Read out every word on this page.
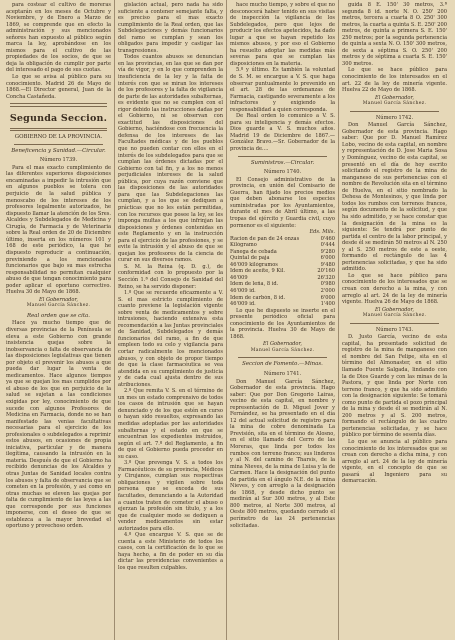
para costear el cultivo de moreras aceptarán en los meses de Octubre y Noviembre, y de Enero a Marzo de 1869, se comprende que en efecto la administración y sus mencionados señores han expuesto al público según marca la ley, aprobándose en los mismos para el cultivo de las propiedades de los socios, de que se deja la obligación de cumplir por parte del interesado el pago de sus cuotas.

Lo que se avisa al público para su conocimiento. Madrid 26 de Mayo de 1868.—El Director general, Juan de la Concha Castañeda.

Segunda Seccion.

GOBIERNO DE LA PROVINCIA.

Beneficencia y Sanidad.—Circular.

Número 1739.

Para el mas exacto cumplimiento de las diferentes superiores disposiciones encaminadas a impedir la intrusión que en algunos pueblos se tolera con perjuicio de la salud pública y menoscabo de los intereses de los profesores legalmente autorizados, he dispuesto llamar la atención de los Sres. Alcaldes y Subdelegados de Medicina y Cirugía, de Farmacia y de Veterinaria sobre la Real orden de 20 de Diciembre último, inserta en los números 101 y 168 de este periódico, la que he dispuesto reproducir a continuación, previniendo a los mencionados funcionarios que bajo su mas estrecha responsabilidad no permitan cualquier abuso de que tengan conocimiento para poder aplicar el oportuno correctivo. Huelva 30 de Mayo de 1868.

El Gobernador,

Manuel García Sánchez.

Real orden que se cita.

Hace ya mucho tiempo que de diversas provincias de la Península se eleva a este Gobierno con grande insistencia quejas sobre la inobservancia o falta de observancia de las disposiciones legislativas que tienen por objeto el prevenir los abusos a que pueda dar lugar la venta de medicamentos. Hace algunos tiempos ya que se quejan los mas cumplidos por el abuso de los que en perjuicio de la salud se sujetan a las condiciones exigidas por ley, conocimiento de que sucede con algunos Profesores de Medicina en Farmacia, donde no se han manifestado las venias facultativas necesarias para el ejercicio de los profesionales o subdelegados a reprimir estos abusos, en ocasiones de propia iniciativa, particular y de manera ilegítima, causando la intrusión en la materia. Después de que el Gobierno ha recibido denuncias de los Alcaldes y otras Juntas de Sanidad locales contra los abusos y falta de observancia que se cometen en la profesión, y así como en otras muchas se eleven las quejas por falta de cumplimiento de las leyes a las que corresponde por sus funciones imponerse, con el deseo de que se establezca a la mayor brevedad el oportuno y provechoso orden.

gislación actual, pero nada ha sido suficiente a contener semejante falta, y es preciso para el mas exacto cumplimiento de la Real orden, que las Subdelegaciones y demás funcionarios del ramo se cumplan y sean los obligados para impedir y castigar las transgresiones.

Todos cuantos abusos se denuncian en las provincias, en las que se dan por vía de vigor, y en lo que comprenden la insuficiencia de la ley y la falta de interés con que se miran los intereses de los profesores y la falta de vigilancia de parte de las autoridades subalternas, es evidente que no se cumplen con el rigor debido las instrucciones dadas por el Gobierno, ni se observan con exactitud las disposiciones del Gobierno, haciéndose con frecuencia la defensa de los intereses de las Facultades médicas y de los pueblos que no pueden contar con ellos en el interés de los subdelegados para que se cumplan las órdenes dictadas por el Gobierno con tal fin, y a los no menos perjudiciales intereses de la salud pública, por cuya razón conviene que las disposiciones de las autoridades para que las Subdelegaciones las cumplan, y a los que se dediquen a prácticas que no les están permitidas, con los recursos que posee la ley, se les imponga multas a los que infrinjan las disposiciones y órdenes contenidas en este Reglamento y en la instrucción para el ejercicio de las profesiones, y se evite la intrusión y el abuso de que se quejan los profesores de la ciencia de curar en sus diversos ramos.

S. M. la Reina (q. D. g.), de conformidad con lo propuesto por la Sección 1.ª del Consejo de Sanidad del Reino, se ha servido disponer:

1.º Que se recuerde eficazmente a V. S. el mas estricto cumplimiento de cuanto previene la legislación vigente sobre venta de medicamentos y sobre intrusiones, haciendo extensiva esta recomendación a las Juntas provinciales de Sanidad, Subdelegados y demás funcionarios del ramo, a fin de que empleen todo su celo y vigilancia para cortar radicalmente los mencionados abusos, y con objeto de propor tiempo de que la clase farmacéutica se vea atendida en su cumplimiento de justicia y de cada cual ajusta dentro de sus atribuciones.

2.º Que remita V. S. en el término de un mes un estado comprensivo de todos los casos de intrusión que se hayan denunciado y de los que estén en curso o hayan sido resueltos, expresando las medidas adoptadas por las autoridades subalternas y el estado en que se encuentran los expedientes instruidos, según el art. 7.º del Reglamento, a fin de que el Gobierno pueda proceder en su caso.

3.º Que prevenga V. S. a todos los Farmacéuticos de su provincia, Médicos y Cirujanos, cumplan sus respectivas obligaciones y vigilen sobre toda persona que se exceda de sus facultades, denunciando a la Autoridad a cuantos traten de cometer el abuso o ejerzan la profesión sin título, y a los que de cualquier modo se dediquen a vender medicamentos sin estar autorizados para ello.

4.º Que encargue V. S. que se de cuenta a este Ministerio de todos los casos, con la certificación de lo que se haya hecho, a fin de poder en su día dictar las providencias convenientes a los que resulten culpables.

hace mucho tiempo, y sobre el que no desconocerá haber tenido en sus visitas de inspección la vigilancia de los Subdelegados, pero que lejos de producir los efectos apetecidos, ha dado lugar a que se hayan repetido los mismos abusos, y por eso el Gobierno ha resuelto adoptar las medidas más severas para que se cumplan las disposiciones en la materia.

5.º y último. Es también la voluntad de S. M. se encargue a V. S. que haga observar puntualmente lo prevenido en el art. 28 de las ordenanzas de Farmacia, castigando severamente a los infractores y exigiendo la responsabilidad a quien corresponda.

De Real orden lo comunico a V. S. para su inteligencia y demás efectos. Dios guarde a V. S. muchos años. Madrid 19 de Diciembre de 1867.—González Bravo.—Sr. Gobernador de la provincia de....

Suministros.—Circular.

Número 1740.

El Consejo administrativo de la provincia, en unión del Comisario de Guerra, han fijado los precios medios que deben abonarse los especies suministradas por los Ayuntamientos, durante el mes de Abril último, a las tropas del ejército y Guardia civil, cuyo pormenor es el siguiente:

Eds. Mils.

Racion de pan de 24 onzas	0'460

Kilógramo	0'444

Fanega de cebada	9'280

Quintal de paja	6'000

46'009 kilógramos	9'480

Idem de aceite, 9 Kil.	20'160

46'009	26'320

Idem de leña, 8 id.	0'980

46'009 id.	2'000

Idem de carbón, 8 id.	6'000

46'009 id.	1'400

Lo que he dispuesto se inserte en el presente periódico oficial para conocimiento de los Ayuntamientos de la provincia. Huelva 30 de Mayo de 1868.

El Gobernador,

Manuel García Sánchez.

Seccion de Fomento.—Minas.

Número 1741.

Don Manuel García Sánchez, Gobernador de esta provincia. Hago saber: Que por Don Gregorio Lairas, vecino de esta capital, en nombre y representación de D. Miguel Jover y Fernández, se ha presentado en el día 12 del actual solicitud de registro para la mina de cobre denominada La Previsión, sita en el término de Alosno, en el sitio llamado del Cerro de las Moreras, que linda por todos los rumbos con terreno franco; sus linderos y al N. del camino de Tharsis, de la mina Nieves, de la mina de Luisa y la de Carmen. Hace la designación del punto de partida en el ángulo N.E. de la mina Nieves, y con arreglo a la designación de 1868, y desde dicho punto se medirán al Sur 300 metros, y al Este 800 metros, al Norte 300 metros, al Oeste 800 metros, quedando cerrado el perímetro de las 24 pertenencias solicitadas.

guida 8 E. 150' 30 metros, 3.ª segunda 8 id. norte N. O. 250' 200 metros, tercera a cuarta 8 O. 250' 300 metros, la cuarta a quinta S. E. 250' 200 metros, de quinta a primera S. E. 150' 250 metros; por la segunda pertenencia de quinta a sexta N. O. 150' 300 metros, de sexta a séptima S. O. 250' 200 metros y de séptima a cuarta S. E. 150' 300 metros.

Lo que se hace público para conocimiento de los interesados en el art. 22 de la ley de minería vigente. Huelva 22 de Mayo de 1868.

El Gobernador,

Manuel García Sánchez.

Número 1742.

Don Manuel García Sánchez, Gobernador de esta provincia. Hago saber: Que por D. Manuel Ramírez Lobo, vecino de esta capital, en nombre y representación de D. Jose Maria Sosa y Domínguez, vecino de esta capital, se presentó en el día de hoy escrito solicitando el registro de la mina de manganeso de sus pertenencias con el nombre de Revolución sita en el término de Huelva, en el sitio nombrado la Dehesa de Montesinos, y que linda por todos los rumbos con terrenos francos, según documento de la solicitud, y que ha sido admitido, y se hace constar que la designación de la mina es la siguiente: Se tendrá por punto de partida el centro de la labor principal, y desde él se medirán 50 metros al N. 250 y al S. 250 metros de este a oeste, formando el rectángulo de las 4 pertenencias solicitadas, y que ha sido admitido.

Lo que se hace público para conocimiento de los interesados que se crean con derecho a la mina, y con arreglo al art. 24 de la ley de minería vigente. Huelva 26 de Mayo de 1868.

El Gobernador,

Manuel García Sánchez.

Número 1743.

D. Justo García, vecino de esta capital, ha presentado solicitud de registro de la mina de manganeso con el nombre del San Felipe, sita en el término del Almonaster, en el sitio llamado Fuente Salgada, lindando con la de Dios Guarde y con las minas de la Pastora, y que linda por Norte con terreno franco, y que ha sido admitido con la designación siguiente: Se tomará como punto de partida el pozo principal de la mina y desde él se medirán al N. 200 metros y al S. 200 metros, formando el rectángulo de las cuatro pertenencias solicitadas, y se hace público por término de sesenta días.

Lo que se anuncia al público para conocimiento de los interesados que se crean con derecho a dicha mina, y con arreglo al art. 24 de la ley de minería vigente, en el concepto de que se pasará al Ingeniero para su demarcación.
